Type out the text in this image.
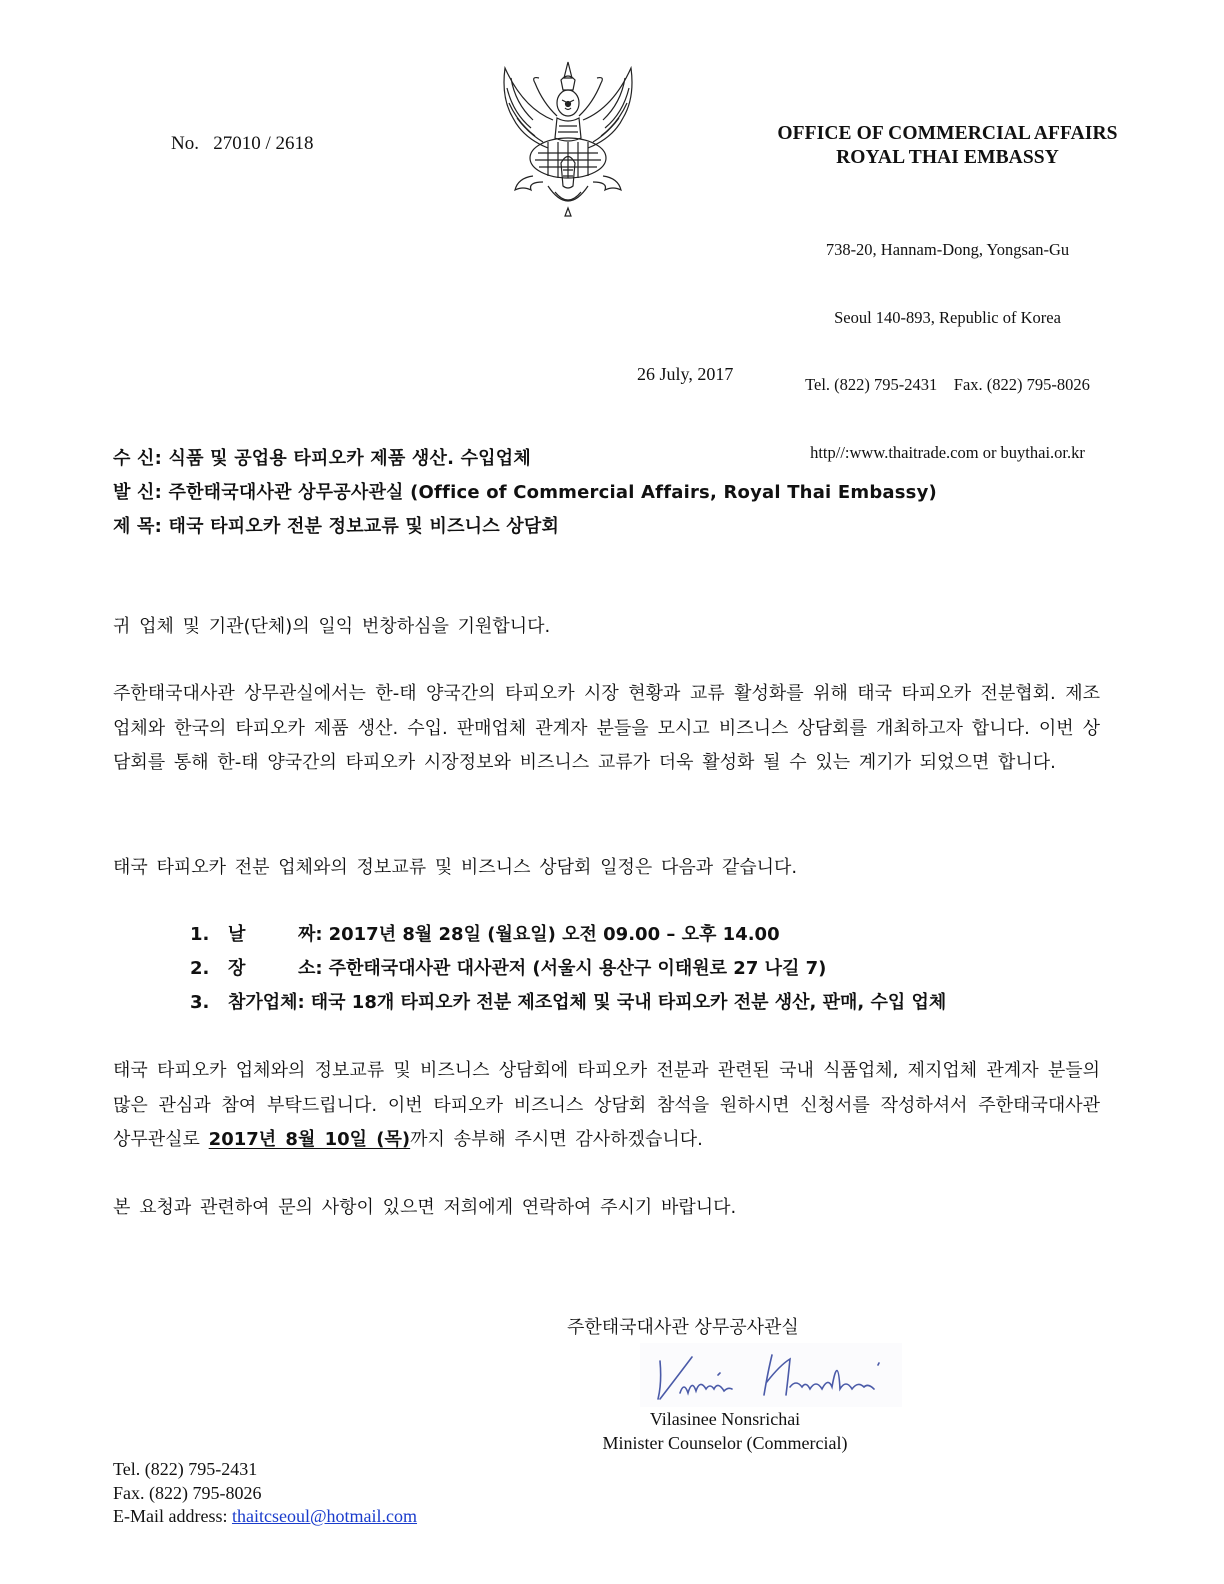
No.   27010 / 2618	OFFICE OF COMMERCIAL AFFAIRS
ROYAL THAI EMBASSY

738-20, Hannam-Dong, Yongsan-Gu

Seoul 140-893, Republic of Korea

Tel. (822) 795-2431    Fax. (822) 795-8026

http//:www.thaitrade.com or buythai.or.kr

26 July, 2017
수 신: 식품 및 공업용 타피오카 제품 생산. 수입업체
발 신: 주한태국대사관 상무공사관실 (Office of Commercial Affairs, Royal Thai Embassy)
제 목: 태국 타피오카 전분 정보교류 및 비즈니스 상담회
귀 업체 및 기관(단체)의 일익 번창하심을 기원합니다.
주한태국대사관 상무관실에서는 한-태 양국간의 타피오카 시장 현황과 교류 활성화를 위해 태국 타피오카 전분협회. 제조업체와 한국의 타피오카 제품 생산. 수입. 판매업체 관계자 분들을 모시고 비즈니스 상담회를 개최하고자 합니다. 이번 상담회를 통해 한-태 양국간의 타피오카 시장정보와 비즈니스 교류가 더욱 활성화 될 수 있는 계기가 되었으면 합니다.
태국 타피오카 전분 업체와의 정보교류 및 비즈니스 상담회 일정은 다음과 같습니다.
1.	날	짜: 2017년 8월 28일 (월요일) 오전 09.00 – 오후 14.00
2.	장	소: 주한태국대사관 대사관저 (서울시 용산구 이태원로 27 나길 7)
3.	참가업체: 태국 18개 타피오카 전분 제조업체 및 국내 타피오카 전분 생산, 판매, 수입 업체
태국 타피오카 업체와의 정보교류 및 비즈니스 상담회에 타피오카 전분과 관련된 국내 식품업체, 제지업체 관계자 분들의 많은 관심과 참여 부탁드립니다. 이번 타피오카 비즈니스 상담회 참석을 원하시면 신청서를 작성하셔서 주한태국대사관 상무관실로 2017년 8월 10일 (목)까지 송부해 주시면 감사하겠습니다.
본 요청과 관련하여 문의 사항이 있으면 저희에게 연락하여 주시기 바랍니다.
주한태국대사관 상무공사관실
Vilasinee Nonsrichai
Minister Counselor (Commercial)
Tel. (822) 795-2431
Fax. (822) 795-8026
E-Mail address: thaitcseoul@hotmail.com
